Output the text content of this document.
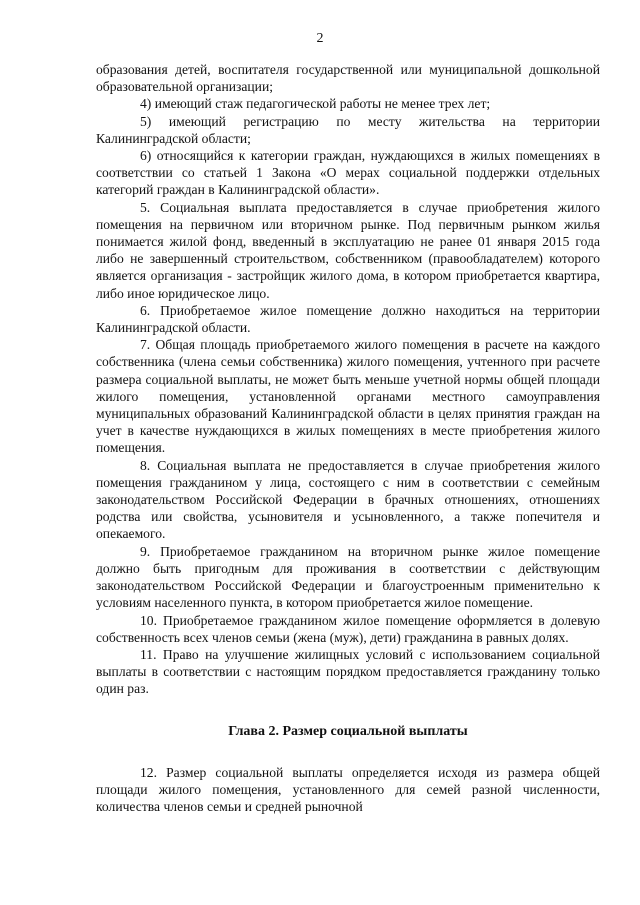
2

образования детей, воспитателя государственной или муниципальной дошкольной образовательной организации;

4) имеющий стаж педагогической работы не менее трех лет;

5) имеющий регистрацию по месту жительства на территории Калининградской области;

6) относящийся к категории граждан, нуждающихся в жилых помещениях в соответствии со статьей 1 Закона «О мерах социальной поддержки отдельных категорий граждан в Калининградской области».

5. Социальная выплата предоставляется в случае приобретения жилого помещения на первичном или вторичном рынке. Под первичным рынком жилья понимается жилой фонд, введенный в эксплуатацию не ранее 01 января 2015 года либо не завершенный строительством, собственником (правообладателем) которого является организация - застройщик жилого дома, в котором приобретается квартира, либо иное юридическое лицо.

6. Приобретаемое жилое помещение должно находиться на территории Калининградской области.

7. Общая площадь приобретаемого жилого помещения в расчете на каждого собственника (члена семьи собственника) жилого помещения, учтенного при расчете размера социальной выплаты, не может быть меньше учетной нормы общей площади жилого помещения, установленной органами местного самоуправления муниципальных образований Калининградской области в целях принятия граждан на учет в качестве нуждающихся в жилых помещениях в месте приобретения жилого помещения.

8. Социальная выплата не предоставляется в случае приобретения жилого помещения гражданином у лица, состоящего с ним в соответствии с семейным законодательством Российской Федерации в брачных отношениях, отношениях родства или свойства, усыновителя и усыновленного, а также попечителя и опекаемого.

9. Приобретаемое гражданином на вторичном рынке жилое помещение должно быть пригодным для проживания в соответствии с действующим законодательством Российской Федерации и благоустроенным применительно к условиям населенного пункта, в котором приобретается жилое помещение.

10. Приобретаемое гражданином жилое помещение оформляется в долевую собственность всех членов семьи (жена (муж), дети) гражданина в равных долях.

11. Право на улучшение жилищных условий с использованием социальной выплаты в соответствии с настоящим порядком предоставляется гражданину только один раз.

Глава 2. Размер социальной выплаты

12. Размер социальной выплаты определяется исходя из размера общей площади жилого помещения, установленного для семей разной численности, количества членов семьи и средней рыночной
